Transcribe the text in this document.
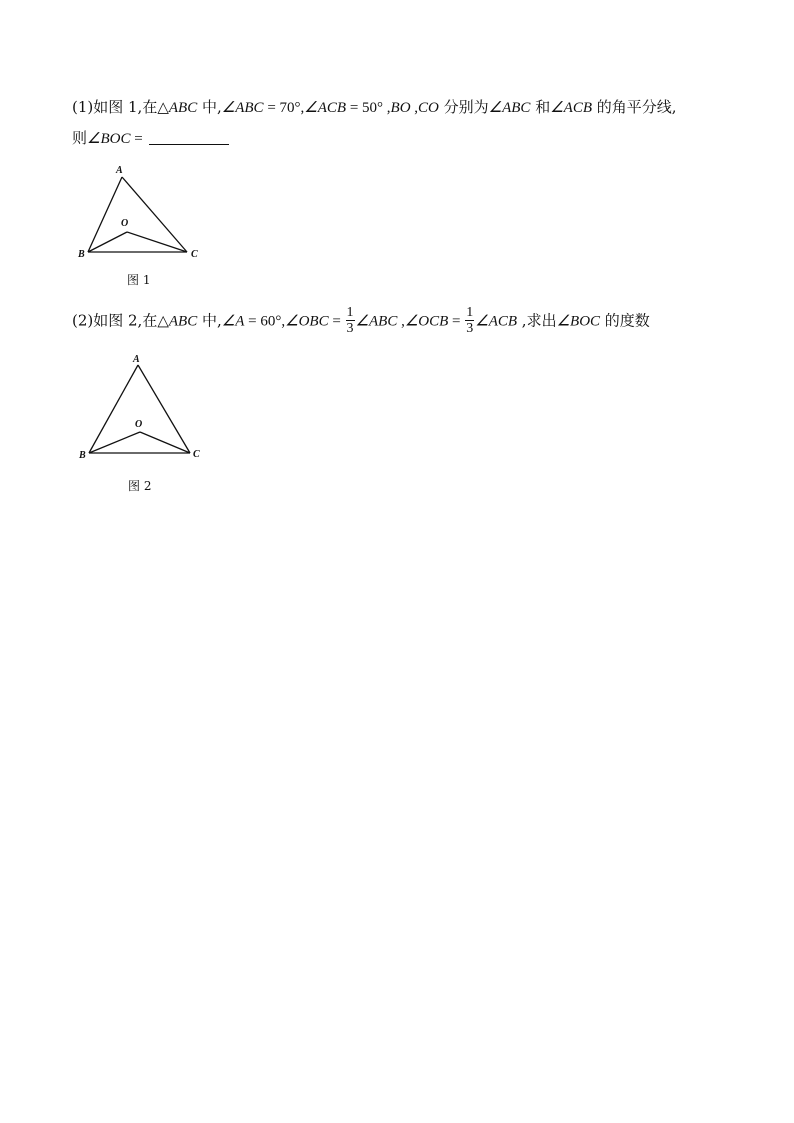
(1)如图 1,在△ABC 中,∠ABC = 70°,∠ACB = 50° ,BO ,CO 分别为∠ABC 和∠ACB 的角平分线,
则∠BOC =
A
B	C
O
图 1
(2)如图 2,在△ABC 中,∠A = 60°,∠OBC = $\frac{1}{3}$ ∠ABC ,∠OCB = $\frac{1}{3}$ ∠ACB ,求出∠BOC 的度数
A
B	C
O
图 2
